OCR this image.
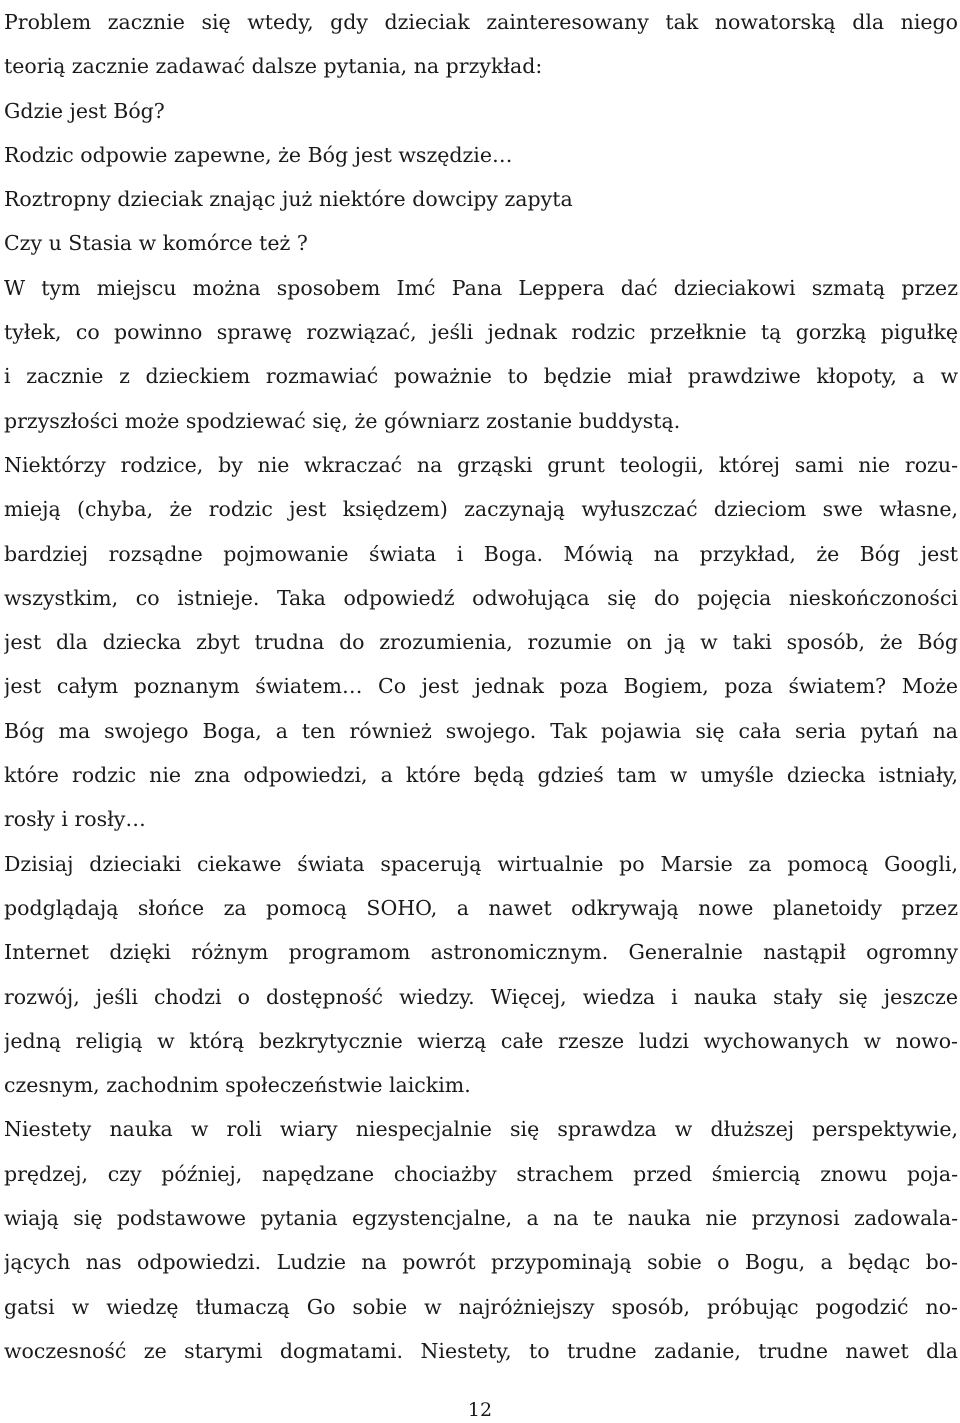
Problem zacznie się wtedy, gdy dzieciak zainteresowany tak nowatorską dla niego
teorią zacznie zadawać dalsze pytania, na przykład:
Gdzie jest Bóg?
Rodzic odpowie zapewne, że Bóg jest wszędzie…
Roztropny dzieciak znając już niektóre dowcipy zapyta
Czy u Stasia w komórce też ?
W tym miejscu można sposobem Imć Pana Leppera dać dzieciakowi szmatą przez
tyłek, co powinno sprawę rozwiązać, jeśli jednak rodzic przełknie tą gorzką pigułkę
i zacznie z dzieckiem rozmawiać poważnie to będzie miał prawdziwe kłopoty, a w
przyszłości może spodziewać się, że gówniarz zostanie buddystą.
Niektórzy rodzice, by nie wkraczać na grząski grunt teologii, której sami nie rozu-
mieją (chyba, że rodzic jest księdzem) zaczynają wyłuszczać dzieciom swe własne,
bardziej rozsądne pojmowanie świata i Boga. Mówią na przykład, że Bóg jest
wszystkim, co istnieje. Taka odpowiedź odwołująca się do pojęcia nieskończoności
jest dla dziecka zbyt trudna do zrozumienia, rozumie on ją w taki sposób, że Bóg
jest całym poznanym światem… Co jest jednak poza Bogiem, poza światem? Może
Bóg ma swojego Boga, a ten również swojego. Tak pojawia się cała seria pytań na
które rodzic nie zna odpowiedzi, a które będą gdzieś tam w umyśle dziecka istniały,
rosły i rosły…
Dzisiaj dzieciaki ciekawe świata spacerują wirtualnie po Marsie za pomocą Googli,
podglądają słońce za pomocą SOHO, a nawet odkrywają nowe planetoidy przez
Internet dzięki różnym programom astronomicznym. Generalnie nastąpił ogromny
rozwój, jeśli chodzi o dostępność wiedzy. Więcej, wiedza i nauka stały się jeszcze
jedną religią w którą bezkrytycznie wierzą całe rzesze ludzi wychowanych w nowo-
czesnym, zachodnim społeczeństwie laickim.
Niestety nauka w roli wiary niespecjalnie się sprawdza w dłuższej perspektywie,
prędzej, czy później, napędzane chociażby strachem przed śmiercią znowu poja-
wiają się podstawowe pytania egzystencjalne, a na te nauka nie przynosi zadowala-
jących nas odpowiedzi. Ludzie na powrót przypominają sobie o Bogu, a będąc bo-
gatsi w wiedzę tłumaczą Go sobie w najróżniejszy sposób, próbując pogodzić no-
woczesność ze starymi dogmatami. Niestety, to trudne zadanie, trudne nawet dla
12
